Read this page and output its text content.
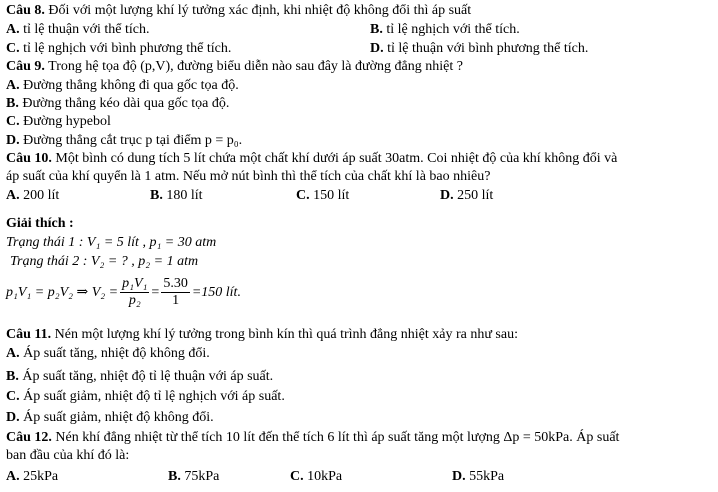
Câu 8. Đối với một lượng khí lý tưởng xác định, khi nhiệt độ không đổi thì áp suất
A. tỉ lệ thuận với thể tích.	B. tỉ lệ nghịch với thể tích.
C. tỉ lệ nghịch với bình phương thể tích.	D. tỉ lệ thuận với bình phương thể tích.
Câu 9. Trong hệ tọa độ (p,V), đường biểu diễn nào sau đây là đường đẳng nhiệt ?
A. Đường thẳng không đi qua gốc tọa độ.
B. Đường thẳng kéo dài qua gốc tọa độ.
C. Đường hypebol
D. Đường thẳng cắt trục p tại điểm p = p₀.
Câu 10. Một bình có dung tích 5 lít chứa một chất khí dưới áp suất 30atm. Coi nhiệt độ của khí không đổi và
áp suất của khí quyển là 1 atm. Nếu mở nút bình thì thể tích của chất khí là bao nhiêu?
A. 200 lít	B. 180 lít	C. 150 lít	D. 250 lít
Giải thích :
Trạng thái 1 : V₁ = 5 lít , p₁ = 30 atm
Trạng thái 2 : V₂ = ? , p₂ = 1 atm
p₁V₁ = p₂V₂ ⇒ $V_2 = \frac{\text{p₁V₁}}{\text{p₂}} = \frac{5.30}{1} =150$ lít.
Câu 11. Nén một lượng khí lý tưởng trong bình kín thì quá trình đẳng nhiệt xảy ra như sau:
A. Áp suất tăng, nhiệt độ không đổi.
B. Áp suất tăng, nhiệt độ tỉ lệ thuận với áp suất.
C. Áp suất giảm, nhiệt độ tỉ lệ nghịch với áp suất.
D. Áp suất giảm, nhiệt độ không đổi.
Câu 12. Nén khí đẳng nhiệt từ thể tích 10 lít đến thể tích 6 lít thì áp suất tăng một lượng Δp = 50kPa. Áp suất
ban đầu của khí đó là:
A. 25kPa	B. 75kPa	C. 10kPa	D. 55kPa
